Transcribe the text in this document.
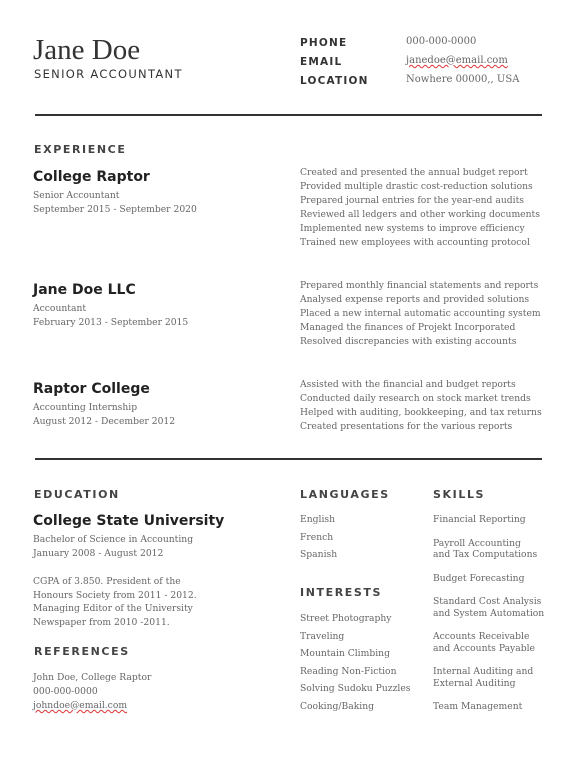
Jane Doe
SENIOR ACCOUNTANT
PHONE	000-000-0000
EMAIL	janedoe@email.com
LOCATION	Nowhere 00000,, USA
EXPERIENCE
College Raptor
Senior Accountant
September 2015 - September 2020
Created and presented the annual budget report
Provided multiple drastic cost-reduction solutions
Prepared journal entries for the year-end audits
Reviewed all ledgers and other working documents
Implemented new systems to improve efficiency
Trained new employees with accounting protocol
Jane Doe LLC
Accountant
February 2013 - September 2015
Prepared monthly financial statements and reports
Analysed expense reports and provided solutions
Placed a new internal automatic accounting system
Managed the finances of Projekt Incorporated
Resolved discrepancies with existing accounts
Raptor College
Accounting Internship
August 2012 - December 2012
Assisted with the financial and budget reports
Conducted daily research on stock market trends
Helped with auditing, bookkeeping, and tax returns
Created presentations for the various reports
EDUCATION
College State University
Bachelor of Science in Accounting
January 2008 - August 2012
CGPA of 3.850. President of the
Honours Society from 2011 - 2012.
Managing Editor of the University
Newspaper from 2010 -2011.
REFERENCES
John Doe, College Raptor
000-000-0000
johndoe@email.com
LANGUAGES
English
French
Spanish
INTERESTS
Street Photography
Traveling
Mountain Climbing
Reading Non-Fiction
Solving Sudoku Puzzles
Cooking/Baking
SKILLS
Financial Reporting
Payroll Accounting
and Tax Computations
Budget Forecasting
Standard Cost Analysis
and System Automation
Accounts Receivable
and Accounts Payable
Internal Auditing and
External Auditing
Team Management
